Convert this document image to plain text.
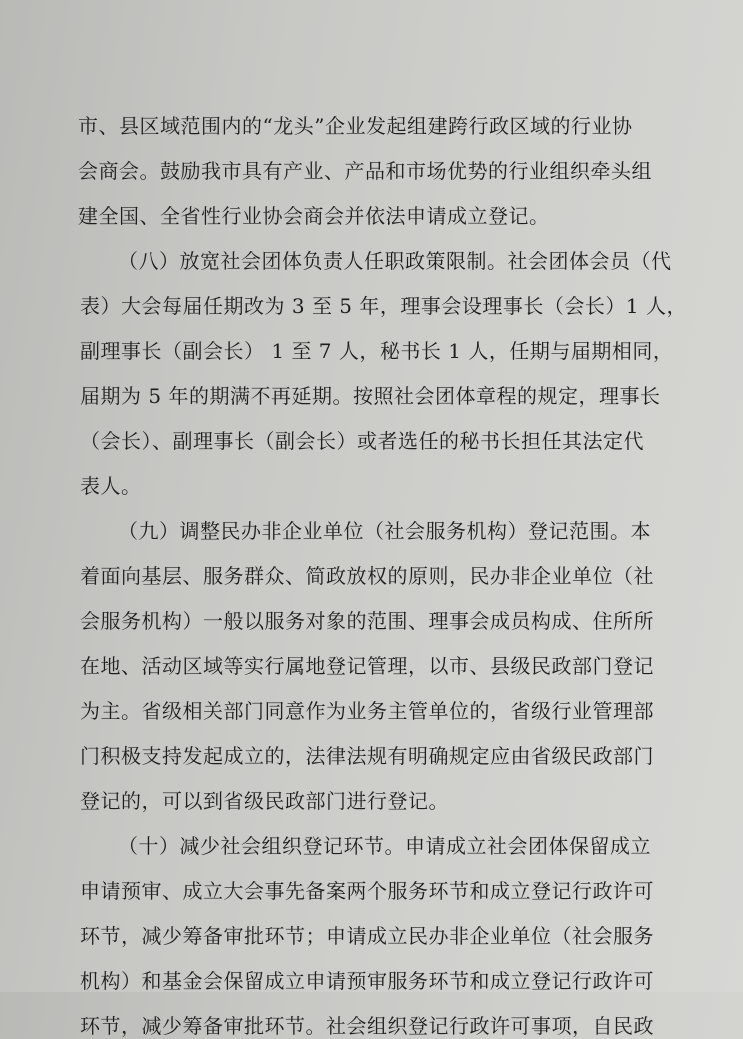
市、县区域范围内的“龙头”企业发起组建跨行政区域的行业协
会商会。鼓励我市具有产业、产品和市场优势的行业组织牵头组
建全国、全省性行业协会商会并依法申请成立登记。
（八）放宽社会团体负责人任职政策限制。社会团体会员（代
表）大会每届任期改为 3 至 5 年，理事会设理事长（会长）1 人，
副理事长（副会长） 1 至 7 人，秘书长 1 人，任期与届期相同，
届期为 5 年的期满不再延期。按照社会团体章程的规定，理事长
（会长）、副理事长（副会长）或者选任的秘书长担任其法定代
表人。
（九）调整民办非企业单位（社会服务机构）登记范围。本
着面向基层、服务群众、简政放权的原则，民办非企业单位（社
会服务机构）一般以服务对象的范围、理事会成员构成、住所所
在地、活动区域等实行属地登记管理，以市、县级民政部门登记
为主。省级相关部门同意作为业务主管单位的，省级行业管理部
门积极支持发起成立的，法律法规有明确规定应由省级民政部门
登记的，可以到省级民政部门进行登记。
（十）减少社会组织登记环节。申请成立社会团体保留成立
申请预审、成立大会事先备案两个服务环节和成立登记行政许可
环节，减少筹备审批环节；申请成立民办非企业单位（社会服务
机构）和基金会保留成立申请预审服务环节和成立登记行政许可
环节，减少筹备审批环节。社会组织登记行政许可事项，自民政
